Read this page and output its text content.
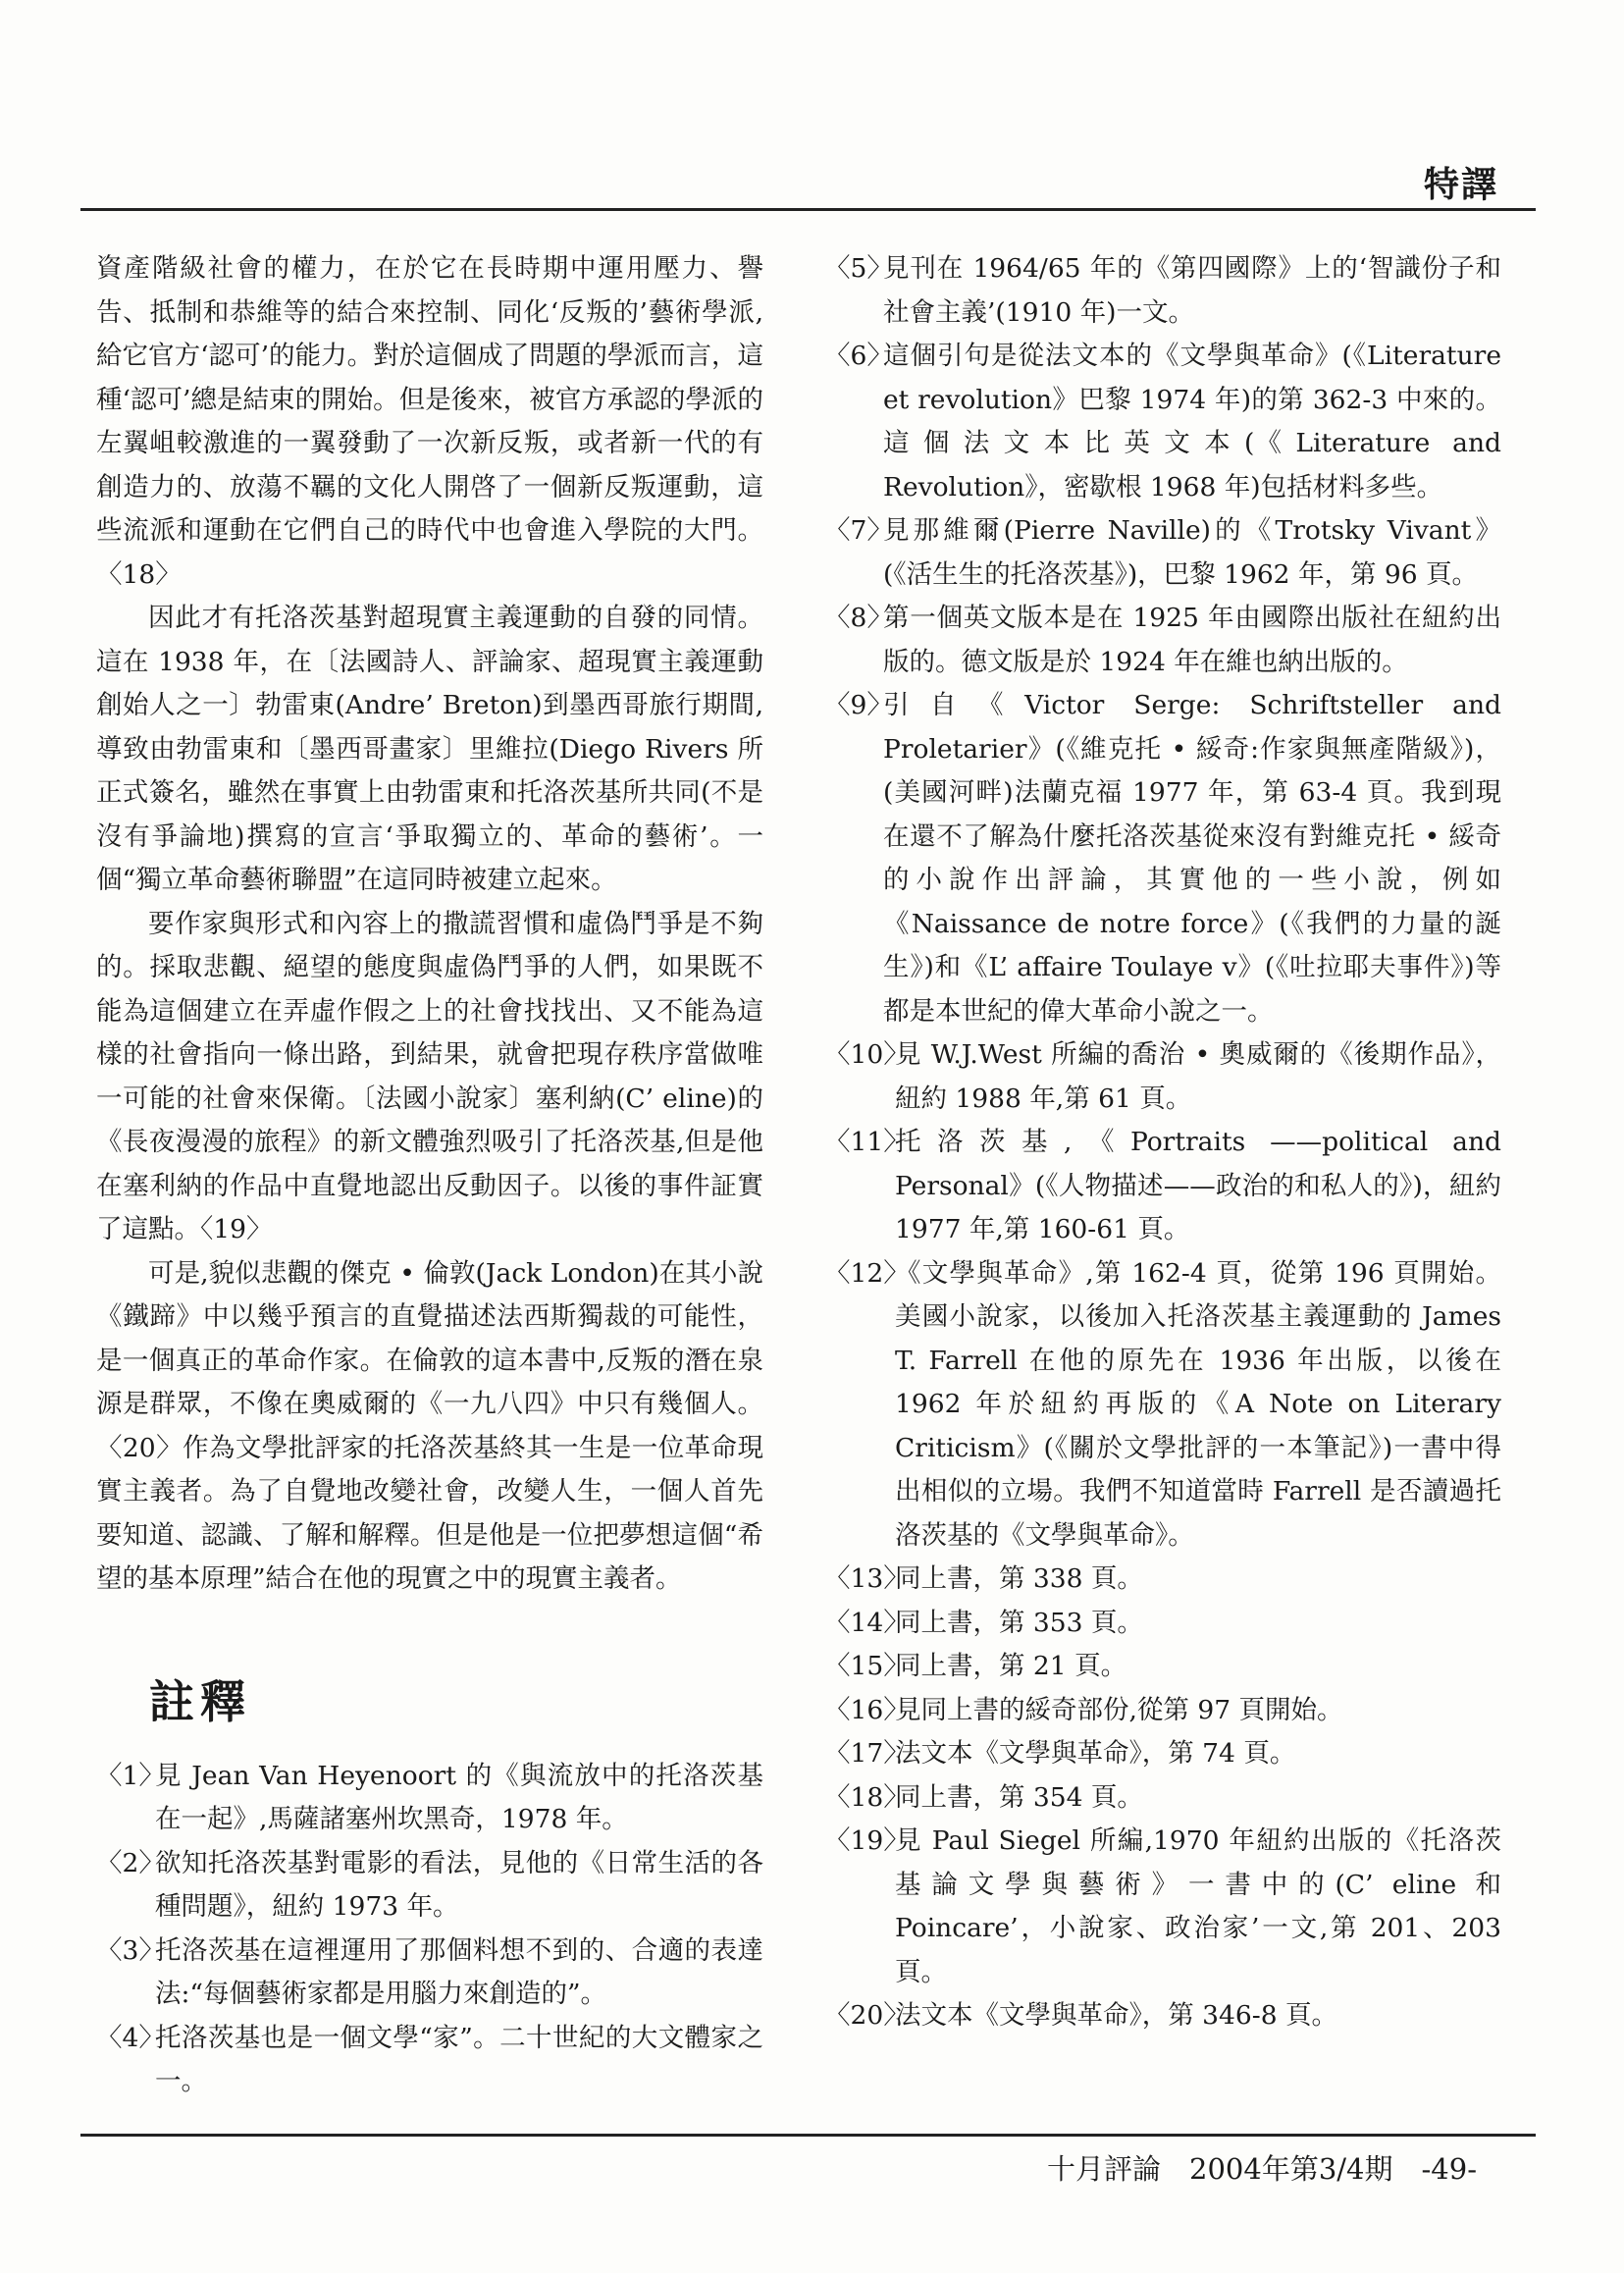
特譯

資產階級社會的權力，在於它在長時期中運用壓力、譽告、抵制和恭維等的結合來控制、同化‘反叛的’藝術學派,給它官方‘認可’的能力。對於這個成了問題的學派而言，這種‘認可’總是結束的開始。但是後來，被官方承認的學派的左翼岨較激進的一翼發動了一次新反叛，或者新一代的有創造力的、放蕩不羈的文化人開啓了一個新反叛運動，這些流派和運動在它們自己的時代中也會進入學院的大門。〈18〉

因此才有托洛茨基對超現實主義運動的自發的同情。這在 1938 年，在〔法國詩人、評論家、超現實主義運動創始人之一〕勃雷東(Andre’ Breton)到墨西哥旅行期間,導致由勃雷東和〔墨西哥畫家〕里維拉(Diego Rivers 所正式簽名，雖然在事實上由勃雷東和托洛茨基所共同(不是沒有爭論地)撰寫的宣言‘爭取獨立的、革命的藝術’。一個“獨立革命藝術聯盟”在這同時被建立起來。

要作家與形式和內容上的撒謊習慣和虛偽鬥爭是不夠的。採取悲觀、絕望的態度與虛偽鬥爭的人們，如果既不能為這個建立在弄虛作假之上的社會找找出、又不能為這樣的社會指向一條出路，到結果，就會把現存秩序當做唯一可能的社會來保衛。〔法國小說家〕塞利納(C’ eline)的《長夜漫漫的旅程》的新文體強烈吸引了托洛茨基,但是他在塞利納的作品中直覺地認出反動因子。以後的事件証實了這點。〈19〉

可是,貌似悲觀的傑克 • 倫敦(Jack London)在其小說《鐵蹄》中以幾乎預言的直覺描述法西斯獨裁的可能性，是一個真正的革命作家。在倫敦的這本書中,反叛的潛在泉源是群眾，不像在奧威爾的《一九八四》中只有幾個人。〈20〉作為文學批評家的托洛茨基終其一生是一位革命現實主義者。為了自覺地改變社會，改變人生，一個人首先要知道、認識、了解和解釋。但是他是一位把夢想這個“希望的基本原理”結合在他的現實之中的現實主義者。

註釋
〈1〉
見 Jean Van Heyenoort 的《與流放中的托洛茨基在一起》,馬薩諸塞州坎黑奇，1978 年。
〈2〉
欲知托洛茨基對電影的看法，見他的《日常生活的各種問題》，紐約 1973 年。
〈3〉
托洛茨基在這裡運用了那個料想不到的、合適的表達法:“每個藝術家都是用腦力來創造的”。
〈4〉
托洛茨基也是一個文學“家”。二十世紀的大文體家之一。
〈5〉
見刊在 1964/65 年的《第四國際》上的‘智識份子和社會主義’(1910 年)一文。
〈6〉
這個引句是從法文本的《文學與革命》(《Literature et revolution》巴黎 1974 年)的第 362-3 中來的。這個法文本比英文本(《Literature and Revolution》，密歇根 1968 年)包括材料多些。
〈7〉
見那維爾(Pierre Naville)的《Trotsky Vivant》(《活生生的托洛茨基》)，巴黎 1962 年，第 96 頁。
〈8〉
第一個英文版本是在 1925 年由國際出版社在紐約出版的。德文版是於 1924 年在維也納出版的。
〈9〉
引自《Victor Serge: Schriftsteller and Proletarier》(《維克托 • 綏奇:作家與無產階級》)，(美國河畔)法蘭克福 1977 年，第 63-4 頁。我到現在還不了解為什麼托洛茨基從來沒有對維克托 • 綏奇的小說作出評論，其實他的一些小說，例如《Naissance de notre force》(《我們的力量的誕生》)和《L’ affaire Toulaye v》(《吐拉耶夫事件》)等都是本世紀的偉大革命小說之一。
〈10〉
見 W.J.West 所編的喬治 • 奧威爾的《後期作品》，紐約 1988 年,第 61 頁。
〈11〉
托洛茨基,《Portraits ——political and Personal》(《人物描述——政治的和私人的》)，紐約 1977 年,第 160-61 頁。
〈12〉
《文學與革命》,第 162-4 頁，從第 196 頁開始。美國小說家，以後加入托洛茨基主義運動的 James T. Farrell 在他的原先在 1936 年出版，以後在 1962 年於紐約再版的《A Note on Literary Criticism》(《關於文學批評的一本筆記》)一書中得出相似的立場。我們不知道當時 Farrell 是否讀過托洛茨基的《文學與革命》。
〈13〉
同上書，第 338 頁。
〈14〉
同上書，第 353 頁。
〈15〉
同上書，第 21 頁。
〈16〉
見同上書的綏奇部份,從第 97 頁開始。
〈17〉
法文本《文學與革命》，第 74 頁。
〈18〉
同上書，第 354 頁。
〈19〉
見 Paul Siegel 所編,1970 年紐約出版的《托洛茨基論文學與藝術》一書中的(C’ eline 和 Poincare’，小說家、政治家’一文,第 201、203 頁。
〈20〉
法文本《文學與革命》，第 346-8 頁。
十月評論　2004年第3/4期　-49-
